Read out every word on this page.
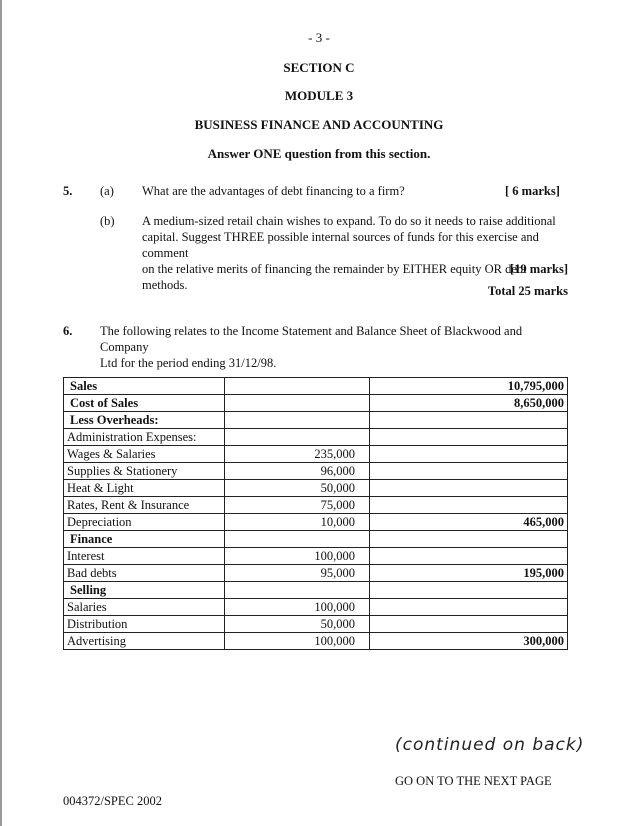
- 3 -
SECTION C
MODULE 3
BUSINESS FINANCE AND ACCOUNTING
Answer ONE question from this section.
5. (a) What are the advantages of debt financing to a firm?	[ 6 marks]
(b) A medium-sized retail chain wishes to expand. To do so it needs to raise additional
capital. Suggest THREE possible internal sources of funds for this exercise and comment
on the relative merits of financing the remainder by EITHER equity OR debt methods.
[19 marks]
Total 25 marks
6. The following relates to the Income Statement and Balance Sheet of Blackwood and Company
Ltd for the period ending 31/12/98.
Sales		10,795,000
Cost of Sales		8,650,000
Less Overheads:		
Administration Expenses:		
Wages & Salaries	235,000	
Supplies & Stationery	96,000	
Heat & Light	50,000	
Rates, Rent & Insurance	75,000	
Depreciation	10,000	465,000
Finance		
Interest	100,000	
Bad debts	95,000	195,000
Selling		
Salaries	100,000	
Distribution	50,000	
Advertising	100,000	300,000
(continued on back)
GO ON TO THE NEXT PAGE
004372/SPEC 2002
